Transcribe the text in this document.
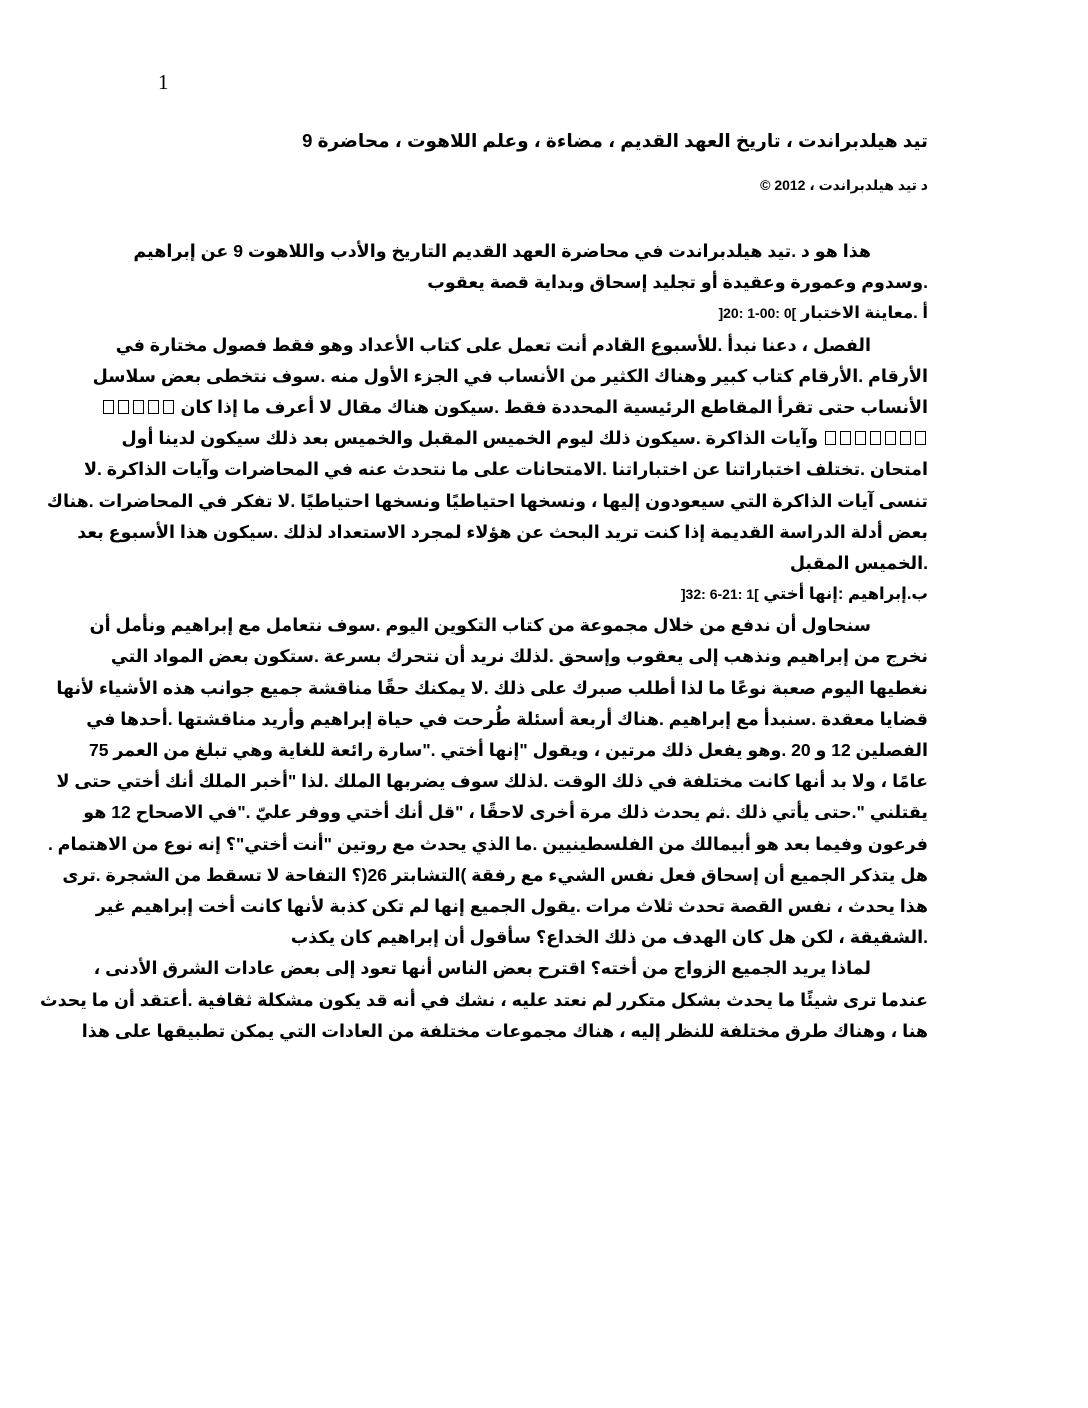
1
تيد هيلدبراندت ، تاريخ العهد القديم ، مضاءة ، وعلم اللاهوت ، محاضرة 9
د تيد هيلدبراندت ، 2012 ©
هذا هو د .تيد هيلدبراندت في محاضرة العهد القديم التاريخ والأدب واللاهوت 9 عن إبراهيم
.وسدوم وعمورة وعقيدة أو تجليد إسحاق وبداية قصة يعقوب
أ .معاينة الاختبار ]0 :00-1 :20[
الفصل ، دعنا نبدأ .للأسبوع القادم أنت تعمل على كتاب الأعداد وهو فقط فصول مختارة في
الأرقام .الأرقام كتاب كبير وهناك الكثير من الأنساب في الجزء الأول منه .سوف نتخطى بعض سلاسل
الأنساب حتى تقرأ المقاطع الرئيسية المحددة فقط .سيكون هناك مقال لا أعرف ما إذا كان
وآيات الذاكرة .سيكون ذلك ليوم الخميس المقبل والخميس بعد ذلك سيكون لدينا أول
امتحان .تختلف اختباراتنا عن اختباراتنا .الامتحانات على ما نتحدث عنه في المحاضرات وآيات الذاكرة .لا
تنسى آيات الذاكرة التي سيعودون إليها ، ونسخها احتياطيًا ونسخها احتياطيًا .لا تفكر في المحاضرات .هناك
بعض أدلة الدراسة القديمة إذا كنت تريد البحث عن هؤلاء لمجرد الاستعداد لذلك .سيكون هذا الأسبوع بعد
.الخميس المقبل
ب.إبراهيم :إنها أختي ]1 :21-6 :32[
سنحاول أن ندفع من خلال مجموعة من كتاب التكوين اليوم .سوف نتعامل مع إبراهيم ونأمل أن
نخرج من إبراهيم ونذهب إلى يعقوب وإسحق .لذلك نريد أن نتحرك بسرعة .ستكون بعض المواد التي
نغطيها اليوم صعبة نوعًا ما لذا أطلب صبرك على ذلك .لا يمكنك حقًا مناقشة جميع جوانب هذه الأشياء لأنها
قضايا معقدة .سنبدأ مع إبراهيم .هناك أربعة أسئلة طُرحت في حياة إبراهيم وأريد مناقشتها .أحدها في
الفصلين 12 و 20 .وهو يفعل ذلك مرتين ، ويقول "إنها أختي ."سارة رائعة للغاية وهي تبلغ من العمر 75
عامًا ، ولا بد أنها كانت مختلفة في ذلك الوقت .لذلك سوف يضربها الملك .لذا "أخبر الملك أنك أختي حتى لا
يقتلني ".حتى يأتي ذلك .ثم يحدث ذلك مرة أخرى لاحقًا ، "قل أنك أختي ووفر عليّ ."في الاصحاح 12 هو
فرعون وفيما بعد هو أبيمالك من الفلسطينيين .ما الذي يحدث مع روتين "أنت أختي"؟ إنه نوع من الاهتمام .
هل يتذكر الجميع أن إسحاق فعل نفس الشيء مع رفقة )التشابتر 26(؟ التفاحة لا تسقط من الشجرة .ترى
هذا يحدث ، نفس القصة تحدث ثلاث مرات .يقول الجميع إنها لم تكن كذبة لأنها كانت أخت إبراهيم غير
.الشقيقة ، لكن هل كان الهدف من ذلك الخداع؟ سأقول أن إبراهيم كان يكذب
لماذا يريد الجميع الزواج من أخته؟ اقترح بعض الناس أنها تعود إلى بعض عادات الشرق الأدنى ،
عندما ترى شيئًا ما يحدث بشكل متكرر لم نعتد عليه ، نشك في أنه قد يكون مشكلة ثقافية .أعتقد أن ما يحدث
هنا ، وهناك طرق مختلفة للنظر إليه ، هناك مجموعات مختلفة من العادات التي يمكن تطبيقها على هذا
